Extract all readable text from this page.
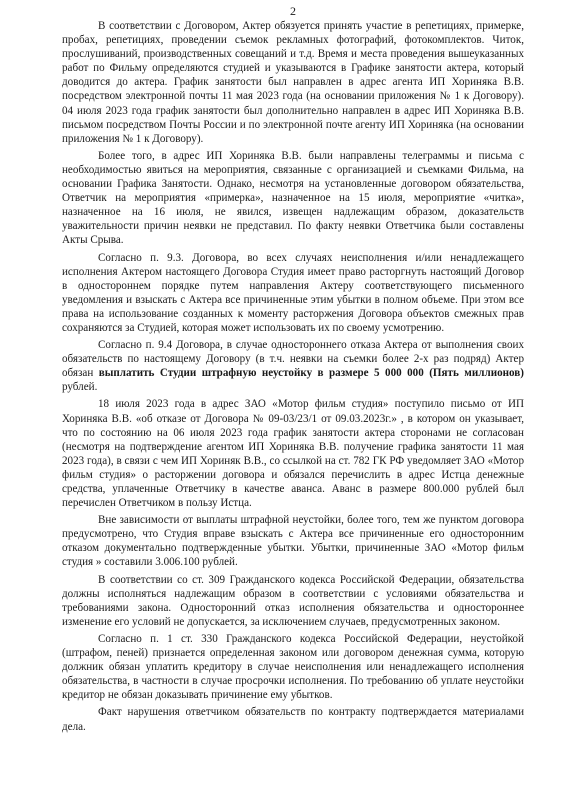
2

В соответствии с Договором, Актер обязуется принять участие в репетициях, примерке, пробах, репетициях, проведении съемок рекламных фотографий, фотокомплектов. Читок, прослушиваний, производственных совещаний и т.д. Время и места проведения вышеуказанных работ по Фильму определяются студией и указываются в Графике занятости актера, который доводится до актера. График занятости был направлен в адрес агента ИП Хориняка В.В. посредством электронной почты 11 мая 2023 года (на основании приложения № 1 к Договору). 04 июля 2023 года график занятости был дополнительно направлен в адрес ИП Хориняка В.В. письмом посредством Почты России и по электронной почте агенту ИП Хориняка (на основании приложения № 1 к Договору).

Более того, в адрес ИП Хориняка В.В. были направлены телеграммы и письма с необходимостью явиться на мероприятия, связанные с организацией и съемками Фильма, на основании Графика Занятости. Однако, несмотря на установленные договором обязательства, Ответчик на мероприятия «примерка», назначенное на 15 июля, мероприятие «читка», назначенное на 16 июля, не явился, извещен надлежащим образом, доказательств уважительности причин неявки не представил. По факту неявки Ответчика были составлены Акты Срыва.

Согласно п. 9.3. Договора, во всех случаях неисполнения и/или ненадлежащего исполнения Актером настоящего Договора Студия имеет право расторгнуть настоящий Договор в одностороннем порядке путем направления Актеру соответствующего письменного уведомления и взыскать с Актера все причиненные этим убытки в полном объеме. При этом все права на использование созданных к моменту расторжения Договора объектов смежных прав сохраняются за Студией, которая может использовать их по своему усмотрению.

Согласно п. 9.4 Договора, в случае одностороннего отказа Актера от выполнения своих обязательств по настоящему Договору (в т.ч. неявки на съемки более 2-х раз подряд) Актер обязан выплатить Студии штрафную неустойку в размере 5 000 000 (Пять миллионов) рублей.

18 июля 2023 года в адрес ЗАО «Мотор фильм студия» поступило письмо от ИП Хориняка В.В. «об отказе от Договора № 09-03/23/1 от 09.03.2023г.» , в котором он указывает, что по состоянию на 06 июля 2023 года график занятости актера сторонами не согласован (несмотря на подтверждение агентом ИП Хориняка В.В. получение графика занятости 11 мая 2023 года), в связи с чем ИП Хориняк В.В., со ссылкой на ст. 782 ГК РФ уведомляет ЗАО «Мотор фильм студия» о расторжении договора и обязался перечислить в адрес Истца денежные средства, уплаченные Ответчику в качестве аванса. Аванс в размере 800.000 рублей был перечислен Ответчиком в пользу Истца.

Вне зависимости от выплаты штрафной неустойки, более того, тем же пунктом договора предусмотрено, что Студия вправе взыскать с Актера все причиненные его односторонним отказом документально подтвержденные убытки. Убытки, причиненные ЗАО «Мотор фильм студия » составили 3.006.100 рублей.

В соответствии со ст. 309 Гражданского кодекса Российской Федерации, обязательства должны исполняться надлежащим образом в соответствии с условиями обязательства и требованиями закона. Односторонний отказ исполнения обязательства и одностороннее изменение его условий не допускается, за исключением случаев, предусмотренных законом.

Согласно п. 1 ст. 330 Гражданского кодекса Российской Федерации, неустойкой (штрафом, пеней) признается определенная законом или договором денежная сумма, которую должник обязан уплатить кредитору в случае неисполнения или ненадлежащего исполнения обязательства, в частности в случае просрочки исполнения. По требованию об уплате неустойки кредитор не обязан доказывать причинение ему убытков.

Факт нарушения ответчиком обязательств по контракту подтверждается материалами дела.
